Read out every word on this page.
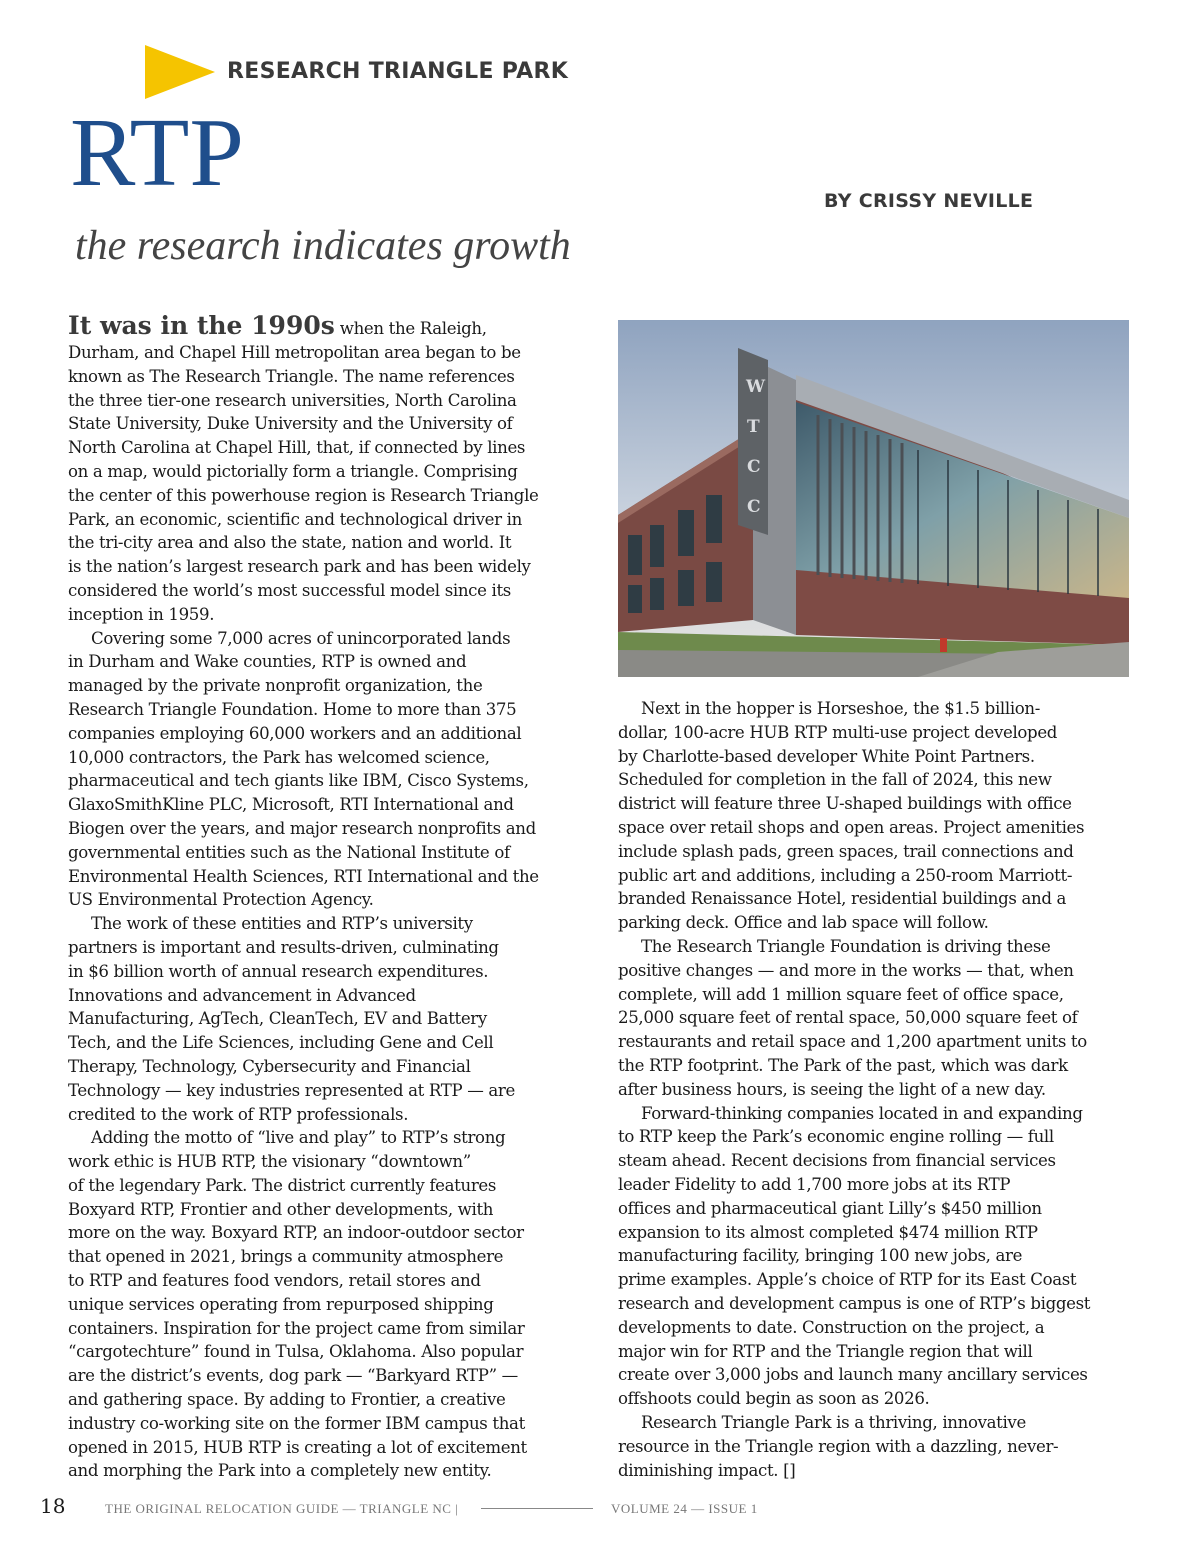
RESEARCH TRIANGLE PARK
RTP	BY CRISSY NEVILLE
the research indicates growth
It was in the 1990s when the Raleigh,
Durham, and Chapel Hill metropolitan area began to be
known as The Research Triangle. The name references
the three tier-one research universities, North Carolina
State University, Duke University and the University of
North Carolina at Chapel Hill, that, if connected by lines
on a map, would pictorially form a triangle. Comprising
the center of this powerhouse region is Research Triangle
Park, an economic, scientific and technological driver in
the tri-city area and also the state, nation and world. It
is the nation’s largest research park and has been widely
considered the world’s most successful model since its
inception in 1959.
Covering some 7,000 acres of unincorporated lands
in Durham and Wake counties, RTP is owned and
managed by the private nonprofit organization, the
Research Triangle Foundation. Home to more than 375
companies employing 60,000 workers and an additional
10,000 contractors, the Park has welcomed science,
pharmaceutical and tech giants like IBM, Cisco Systems,
GlaxoSmithKline PLC, Microsoft, RTI International and
Biogen over the years, and major research nonprofits and
governmental entities such as the National Institute of
Environmental Health Sciences, RTI International and the
US Environmental Protection Agency.
The work of these entities and RTP’s university
partners is important and results-driven, culminating
in $6 billion worth of annual research expenditures.
Innovations and advancement in Advanced
Manufacturing, AgTech, CleanTech, EV and Battery
Tech, and the Life Sciences, including Gene and Cell
Therapy, Technology, Cybersecurity and Financial
Technology — key industries represented at RTP — are
credited to the work of RTP professionals.
Adding the motto of “live and play” to RTP’s strong
work ethic is HUB RTP, the visionary “downtown”
of the legendary Park. The district currently features
Boxyard RTP, Frontier and other developments, with
more on the way. Boxyard RTP, an indoor-outdoor sector
that opened in 2021, brings a community atmosphere
to RTP and features food vendors, retail stores and
unique services operating from repurposed shipping
containers. Inspiration for the project came from similar
“cargotechture” found in Tulsa, Oklahoma. Also popular
are the district’s events, dog park — “Barkyard RTP” —
and gathering space. By adding to Frontier, a creative
industry co-working site on the former IBM campus that
opened in 2015, HUB RTP is creating a lot of excitement
and morphing the Park into a completely new entity.
W
T
C
C
Next in the hopper is Horseshoe, the $1.5 billion-
dollar, 100-acre HUB RTP multi-use project developed
by Charlotte-based developer White Point Partners.
Scheduled for completion in the fall of 2024, this new
district will feature three U-shaped buildings with office
space over retail shops and open areas. Project amenities
include splash pads, green spaces, trail connections and
public art and additions, including a 250-room Marriott-
branded Renaissance Hotel, residential buildings and a
parking deck. Office and lab space will follow.
The Research Triangle Foundation is driving these
positive changes — and more in the works — that, when
complete, will add 1 million square feet of office space,
25,000 square feet of rental space, 50,000 square feet of
restaurants and retail space and 1,200 apartment units to
the RTP footprint. The Park of the past, which was dark
after business hours, is seeing the light of a new day.
Forward-thinking companies located in and expanding
to RTP keep the Park’s economic engine rolling — full
steam ahead. Recent decisions from financial services
leader Fidelity to add 1,700 more jobs at its RTP
offices and pharmaceutical giant Lilly’s $450 million
expansion to its almost completed $474 million RTP
manufacturing facility, bringing 100 new jobs, are
prime examples. Apple’s choice of RTP for its East Coast
research and development campus is one of RTP’s biggest
developments to date. Construction on the project, a
major win for RTP and the Triangle region that will
create over 3,000 jobs and launch many ancillary services
offshoots could begin as soon as 2026.
Research Triangle Park is a thriving, innovative
resource in the Triangle region with a dazzling, never-
diminishing impact. []
18	THE ORIGINAL RELOCATION GUIDE — TRIANGLE NC |	VOLUME 24 — ISSUE 1
